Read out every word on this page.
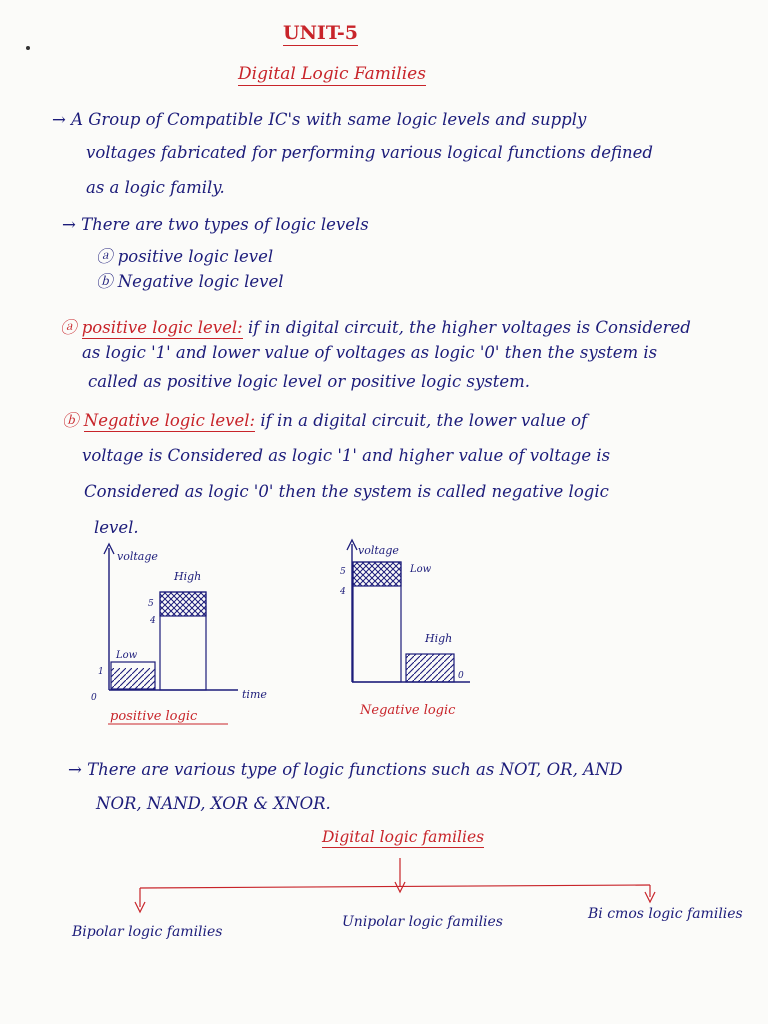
UNIT-5
Digital Logic Families
→ A Group of Compatible IC's with same logic levels and supply
voltages fabricated for performing various logical functions defined
as a logic family.
→ There are two types of logic levels
ⓐ positive logic level
ⓑ Negative logic level
ⓐ positive logic level: if in digital circuit, the higher voltages is Considered
as logic '1' and lower value of voltages as logic '0' then the system is
called as positive logic level or positive logic system.
ⓑ Negative logic level: if in a digital circuit, the lower value of
voltage is Considered as logic '1' and higher value of voltage is
Considered as logic '0' then the system is called negative logic
level.
voltage
High
Low
5
4
1
0	time
positive logic
voltage
Low
High
5
4
0
Negative logic
→ There are various type of logic functions such as NOT, OR, AND
NOR, NAND, XOR & XNOR.
Digital logic families
Bipolar logic families
Unipolar logic families	Bi cmos logic families
